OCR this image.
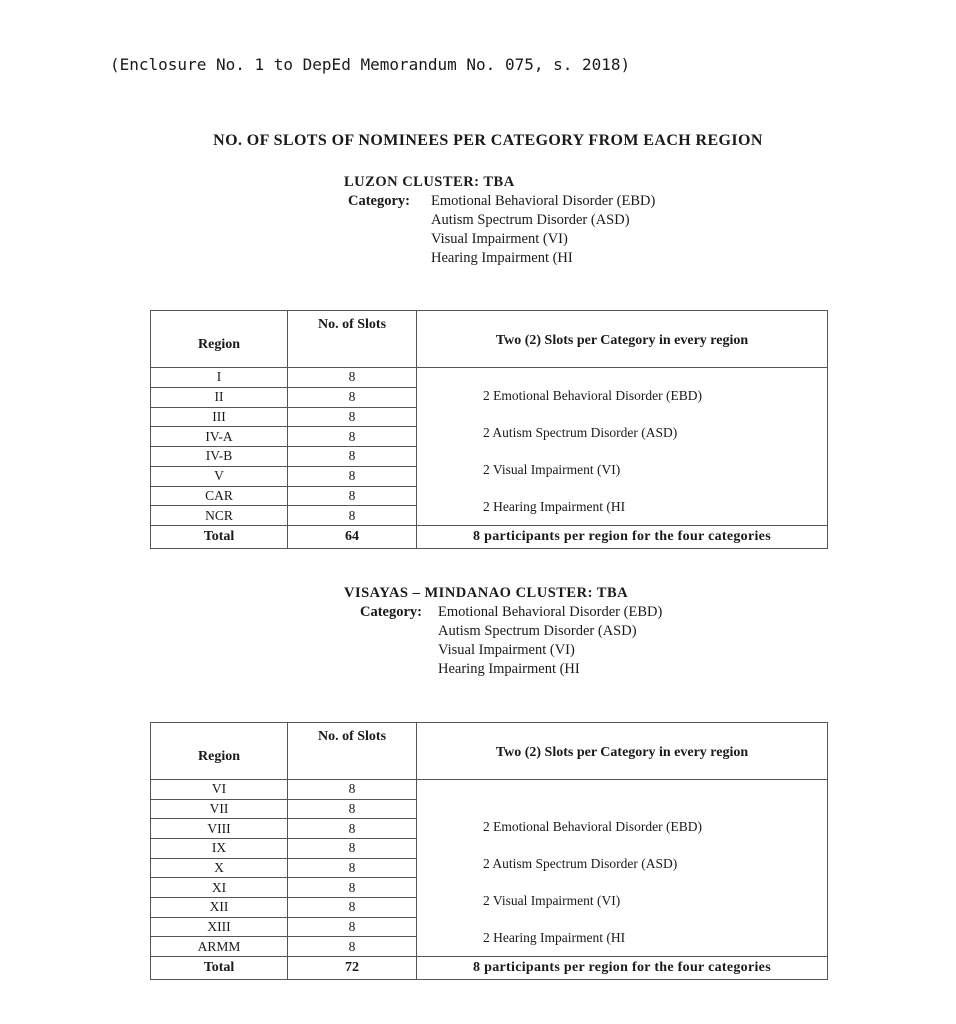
(Enclosure No. 1 to DepEd Memorandum No. 075, s. 2018)
NO. OF SLOTS OF NOMINEES PER CATEGORY FROM EACH REGION
LUZON CLUSTER: TBA
Category:	Emotional Behavioral Disorder (EBD)
Autism Spectrum Disorder (ASD)
Visual Impairment (VI)
Hearing Impairment (HI
Region	No. of Slots	Two (2) Slots per Category in every region
I	8	2 Emotional Behavioral Disorder (EBD)
2 Autism Spectrum Disorder (ASD)
2 Visual Impairment (VI)
2 Hearing Impairment (HI

II	8	
III	8	
IV-A	8	
IV-B	8	
V	8	
CAR	8	
NCR	8	
Total	64	8 participants per region for the four categories
VISAYAS – MINDANAO CLUSTER: TBA
Category:	Emotional Behavioral Disorder (EBD)
Autism Spectrum Disorder (ASD)
Visual Impairment (VI)
Hearing Impairment (HI
Region	No. of Slots	Two (2) Slots per Category in every region
VI	8	2 Emotional Behavioral Disorder (EBD)
2 Autism Spectrum Disorder (ASD)
2 Visual Impairment (VI)
2 Hearing Impairment (HI

VII	8	
VIII	8	
IX	8	
X	8	
XI	8	
XII	8	
XIII	8	
ARMM	8	
Total	72	8 participants per region for the four categories
